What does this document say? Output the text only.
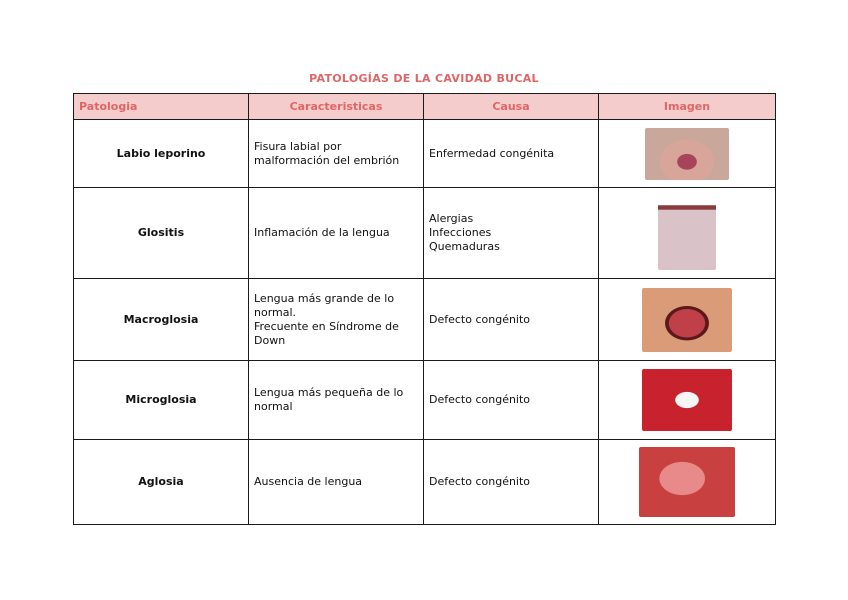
PATOLOGÍAS DE LA CAVIDAD BUCAL
Patologia	Caracteristicas	Causa	Imagen
Labio leporino	Fisura labial por
malformación del embrión	Enfermedad congénita	

Glositis	Inflamación de la lengua	Alergias
Infecciones
Quemaduras	

Macroglosia	Lengua más grande de lo
normal.
Frecuente en Síndrome de
Down	Defecto congénito	

Microglosia	Lengua más pequeña de lo
normal	Defecto congénito	

Aglosia	Ausencia de lengua	Defecto congénito	
